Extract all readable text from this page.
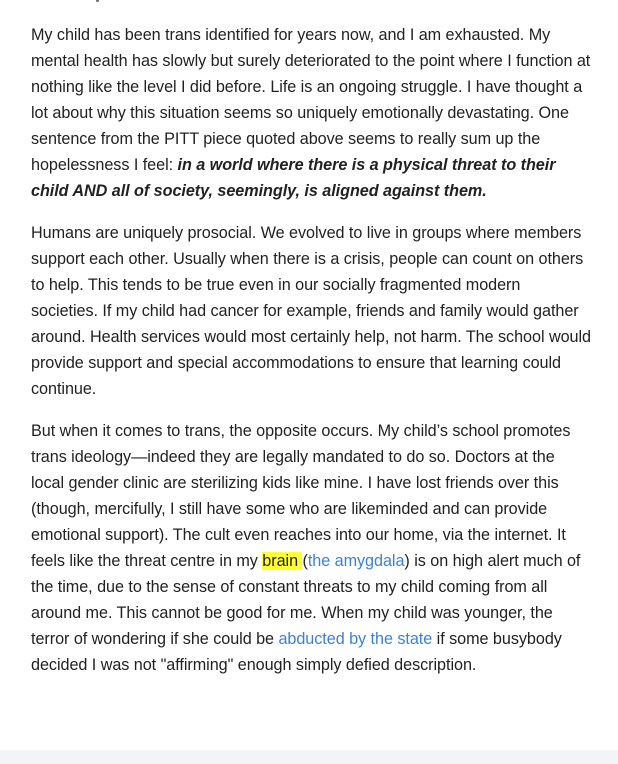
My child has been trans identified for years now, and I am exhausted. My mental health has slowly but surely deteriorated to the point where I function at nothing like the level I did before. Life is an ongoing struggle. I have thought a lot about why this situation seems so uniquely emotionally devastating. One sentence from the PITT piece quoted above seems to really sum up the hopelessness I feel: in a world where there is a physical threat to their child AND all of society, seemingly, is aligned against them.

Humans are uniquely prosocial. We evolved to live in groups where members support each other. Usually when there is a crisis, people can count on others to help. This tends to be true even in our socially fragmented modern societies. If my child had cancer for example, friends and family would gather around. Health services would most certainly help, not harm. The school would provide support and special accommodations to ensure that learning could continue.

But when it comes to trans, the opposite occurs. My child’s school promotes trans ideology—indeed they are legally mandated to do so. Doctors at the local gender clinic are sterilizing kids like mine. I have lost friends over this (though, mercifully, I still have some who are likeminded and can provide emotional support). The cult even reaches into our home, via the internet. It feels like the threat centre in my brain (the amygdala) is on high alert much of the time, due to the sense of constant threats to my child coming from all around me. This cannot be good for me. When my child was younger, the terror of wondering if she could be abducted by the state if some busybody decided I was not "affirming" enough simply defied description.
